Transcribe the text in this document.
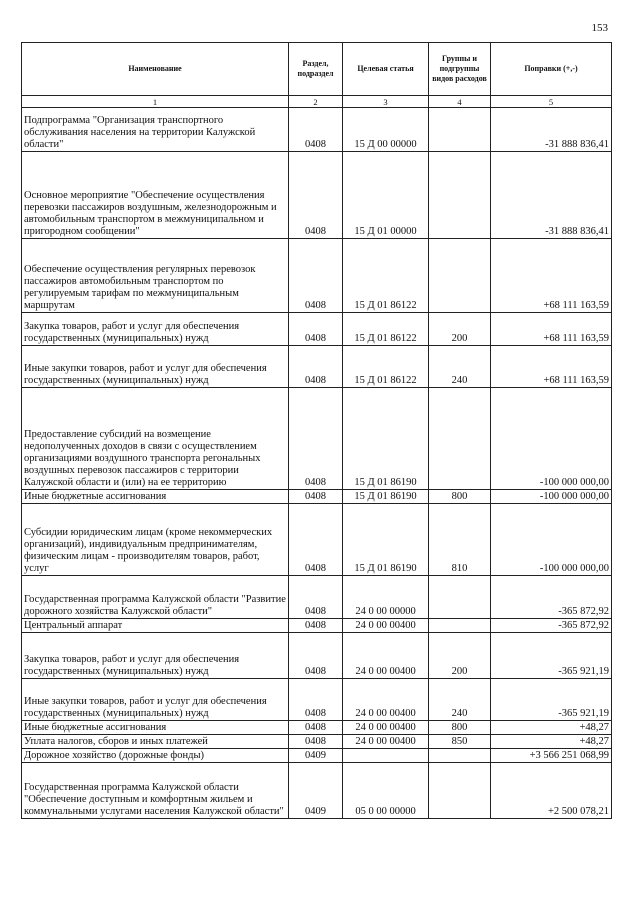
153
Наименование	Раздел, подраздел	Целевая статья	Группы и подгруппы видов расходов	Поправки (+,-)
1	2	3	4	5
Подпрограмма "Организация транспортного обслуживания населения на территории Калужской области"	0408	15 Д 00 00000		-31 888 836,41
Основное мероприятие "Обеспечение осуществления перевозки пассажиров воздушным, железнодорожным и автомобильным транспортом в межмуниципальном и пригородном сообщении"	0408	15 Д 01 00000		-31 888 836,41
Обеспечение осуществления регулярных перевозок пассажиров автомобильным транспортом по регулируемым тарифам по межмуниципальным маршрутам	0408	15 Д 01 86122		+68 111 163,59
Закупка товаров, работ и услуг для обеспечения государственных (муниципальных) нужд	0408	15 Д 01 86122	200	+68 111 163,59
Иные закупки товаров, работ и услуг для обеспечения государственных (муниципальных) нужд	0408	15 Д 01 86122	240	+68 111 163,59
Предоставление субсидий на возмещение недополученных доходов в связи с осуществлением организациями воздушного транспорта регональных воздушных перевозок пассажиров с территории Калужской области и (или) на ее территорию	0408	15 Д 01 86190		-100 000 000,00
Иные бюджетные ассигнования	0408	15 Д 01 86190	800	-100 000 000,00
Субсидии юридическим лицам (кроме некоммерческих организаций), индивидуальным предпринимателям, физическим лицам - производителям товаров, работ, услуг	0408	15 Д 01 86190	810	-100 000 000,00
Государственная программа Калужской области "Развитие дорожного хозяйства Калужской области"	0408	24 0 00 00000		-365 872,92
Центральный аппарат	0408	24 0 00 00400		-365 872,92
Закупка товаров, работ и услуг для обеспечения государственных (муниципальных) нужд	0408	24 0 00 00400	200	-365 921,19
Иные закупки товаров, работ и услуг для обеспечения государственных (муниципальных) нужд	0408	24 0 00 00400	240	-365 921,19
Иные бюджетные ассигнования	0408	24 0 00 00400	800	+48,27
Уплата налогов, сборов и иных платежей	0408	24 0 00 00400	850	+48,27
Дорожное хозяйство (дорожные фонды)	0409			+3 566 251 068,99
Государственная программа Калужской области "Обеспечение доступным и комфортным жильем и коммунальными услугами населения Калужской области"	0409	05 0 00 00000		+2 500 078,21
